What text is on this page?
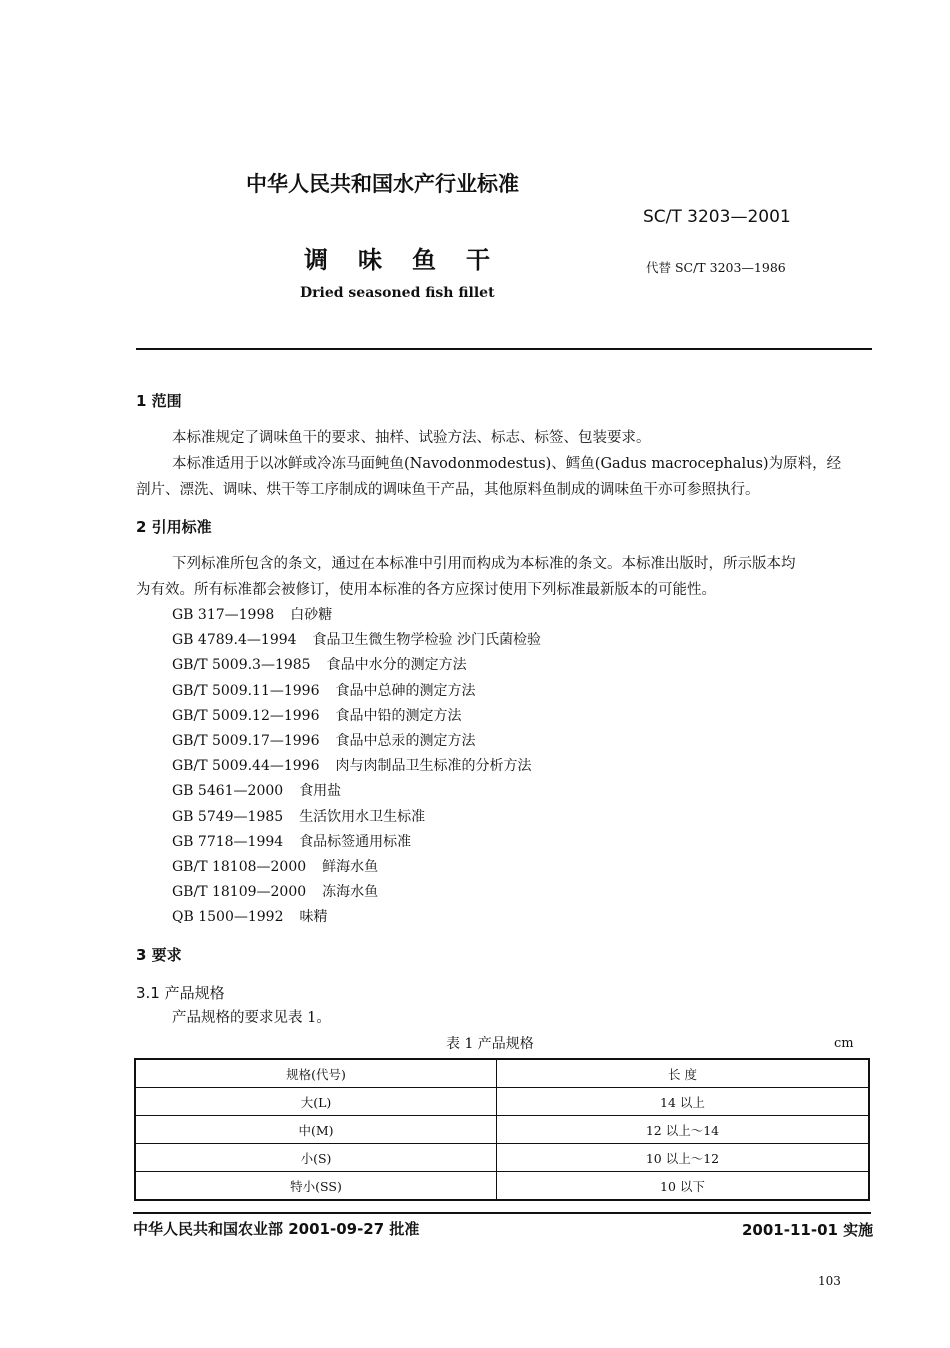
中华人民共和国水产行业标准
SC/T 3203—2001
调味鱼干	代替 SC/T 3203—1986
Dried seasoned fish fillet
1 范围
本标准规定了调味鱼干的要求、抽样、试验方法、标志、标签、包装要求。
本标准适用于以冰鲜或冷冻马面鲀鱼(Navodonmodestus)、鳕鱼(Gadus macrocephalus)为原料，经
剖片、漂洗、调味、烘干等工序制成的调味鱼干产品，其他原料鱼制成的调味鱼干亦可参照执行。
2 引用标准
下列标准所包含的条文，通过在本标准中引用而构成为本标准的条文。本标准出版时，所示版本均
为有效。所有标准都会被修订，使用本标准的各方应探讨使用下列标准最新版本的可能性。
GB 317—1998 白砂糖
GB 4789.4—1994 食品卫生微生物学检验 沙门氏菌检验
GB/T 5009.3—1985 食品中水分的测定方法
GB/T 5009.11—1996 食品中总砷的测定方法
GB/T 5009.12—1996 食品中铅的测定方法
GB/T 5009.17—1996 食品中总汞的测定方法
GB/T 5009.44—1996 肉与肉制品卫生标准的分析方法
GB 5461—2000 食用盐
GB 5749—1985 生活饮用水卫生标准
GB 7718—1994 食品标签通用标准
GB/T 18108—2000 鲜海水鱼
GB/T 18109—2000 冻海水鱼
QB 1500—1992 味精
3 要求
3.1 产品规格
产品规格的要求见表 1。
表 1 产品规格	cm
规格(代号)	长 度
大(L)	14 以上
中(M)	12 以上～14
小(S)	10 以上～12
特小(SS)	10 以下
中华人民共和国农业部 2001-09-27 批准	2001-11-01 实施
103
